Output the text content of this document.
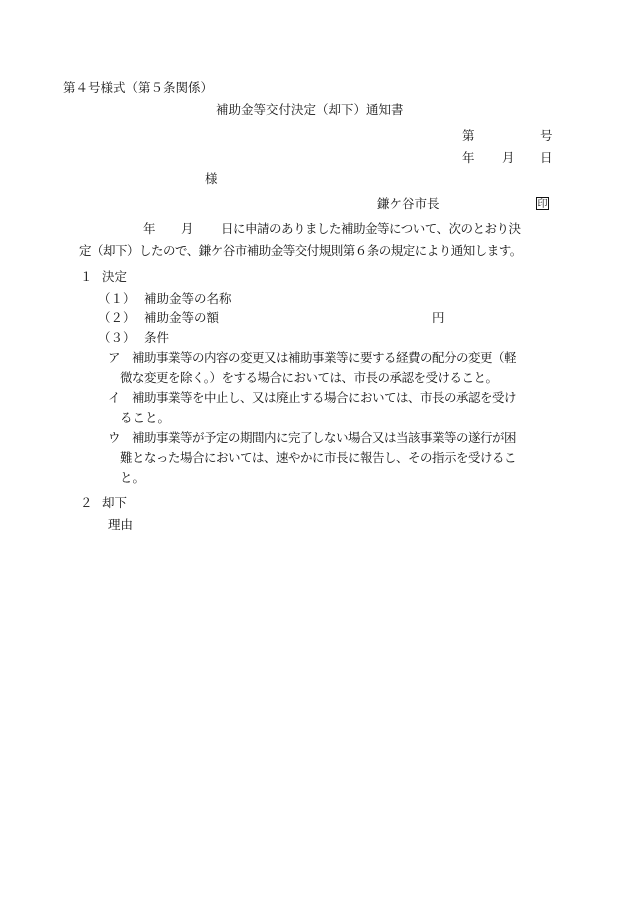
第４号様式（第５条関係）
補助金等交付決定（却下）通知書
第	号
年 月 日
様
鎌ケ谷市長	印
年 月 日に申請のありました補助金等について、次のとおり決
定（却下）したので、鎌ケ谷市補助金等交付規則第６条の規定により通知します。
１ 決定
（１） 補助金等の名称
（２） 補助金等の額	円
（３） 条件
ア 補助事業等の内容の変更又は補助事業等に要する経費の配分の変更（軽
微な変更を除く。）をする場合においては、市長の承認を受けること。
イ 補助事業等を中止し、又は廃止する場合においては、市長の承認を受け
ること。
ウ 補助事業等が予定の期間内に完了しない場合又は当該事業等の遂行が困
難となった場合においては、速やかに市長に報告し、その指示を受けるこ
と。
２ 却下
理由
